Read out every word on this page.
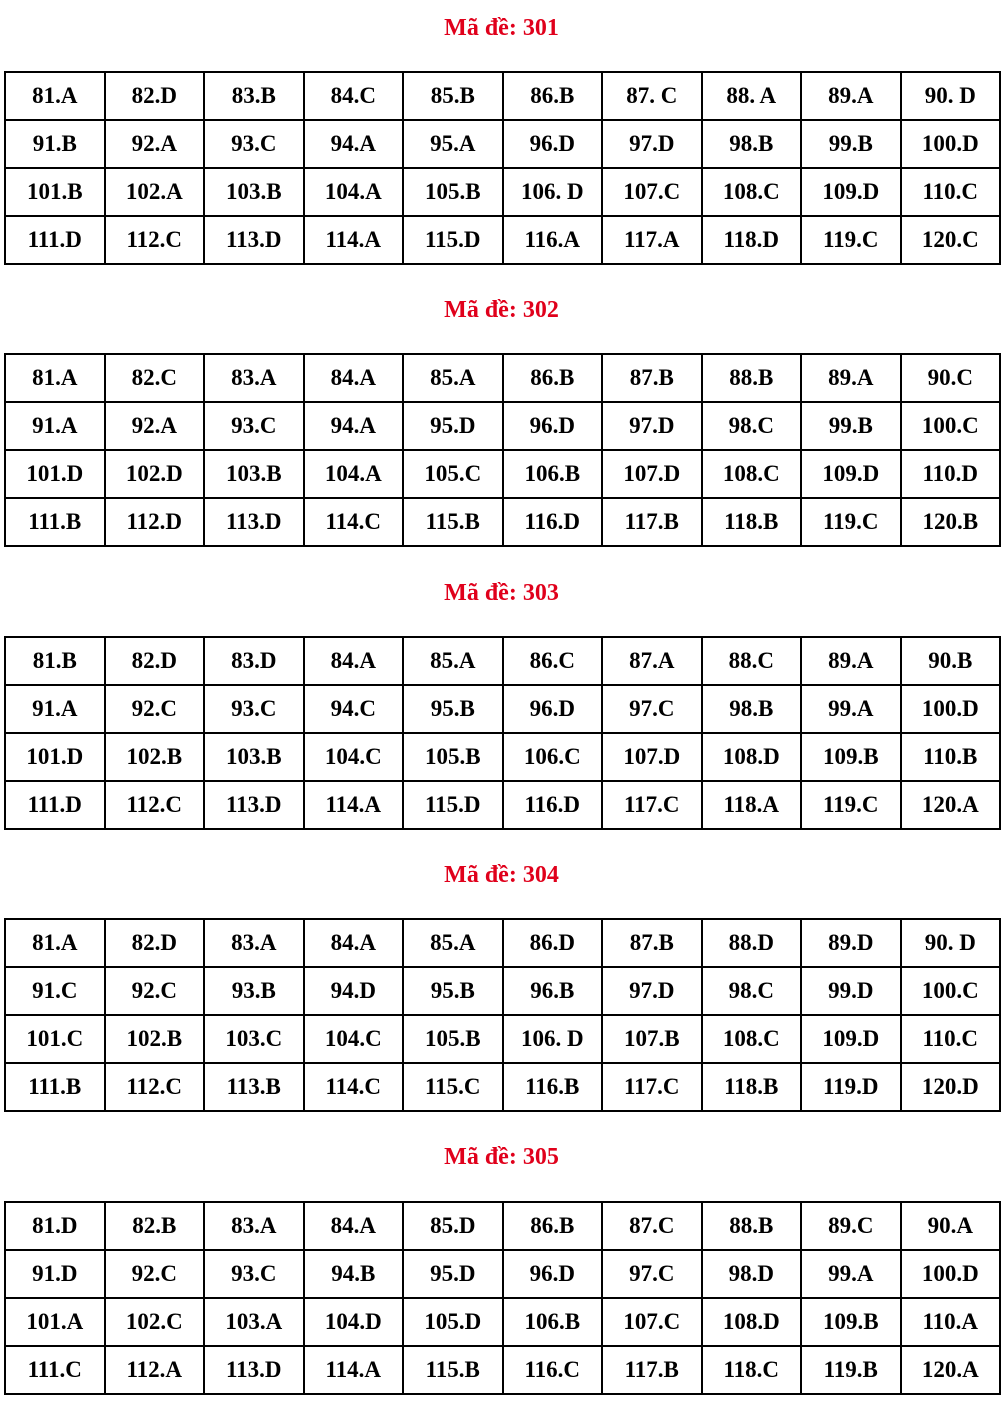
Mã đề: 301
81.A	82.D	83.B	84.C	85.B	86.B	87. C	88. A	89.A	90. D
91.B	92.A	93.C	94.A	95.A	96.D	97.D	98.B	99.B	100.D
101.B	102.A	103.B	104.A	105.B	106. D	107.C	108.C	109.D	110.C
111.D	112.C	113.D	114.A	115.D	116.A	117.A	118.D	119.C	120.C
Mã đề: 302
81.A	82.C	83.A	84.A	85.A	86.B	87.B	88.B	89.A	90.C
91.A	92.A	93.C	94.A	95.D	96.D	97.D	98.C	99.B	100.C
101.D	102.D	103.B	104.A	105.C	106.B	107.D	108.C	109.D	110.D
111.B	112.D	113.D	114.C	115.B	116.D	117.B	118.B	119.C	120.B
Mã đề: 303
81.B	82.D	83.D	84.A	85.A	86.C	87.A	88.C	89.A	90.B
91.A	92.C	93.C	94.C	95.B	96.D	97.C	98.B	99.A	100.D
101.D	102.B	103.B	104.C	105.B	106.C	107.D	108.D	109.B	110.B
111.D	112.C	113.D	114.A	115.D	116.D	117.C	118.A	119.C	120.A
Mã đề: 304
81.A	82.D	83.A	84.A	85.A	86.D	87.B	88.D	89.D	90. D
91.C	92.C	93.B	94.D	95.B	96.B	97.D	98.C	99.D	100.C
101.C	102.B	103.C	104.C	105.B	106. D	107.B	108.C	109.D	110.C
111.B	112.C	113.B	114.C	115.C	116.B	117.C	118.B	119.D	120.D
Mã đề: 305
81.D	82.B	83.A	84.A	85.D	86.B	87.C	88.B	89.C	90.A
91.D	92.C	93.C	94.B	95.D	96.D	97.C	98.D	99.A	100.D
101.A	102.C	103.A	104.D	105.D	106.B	107.C	108.D	109.B	110.A
111.C	112.A	113.D	114.A	115.B	116.C	117.B	118.C	119.B	120.A
